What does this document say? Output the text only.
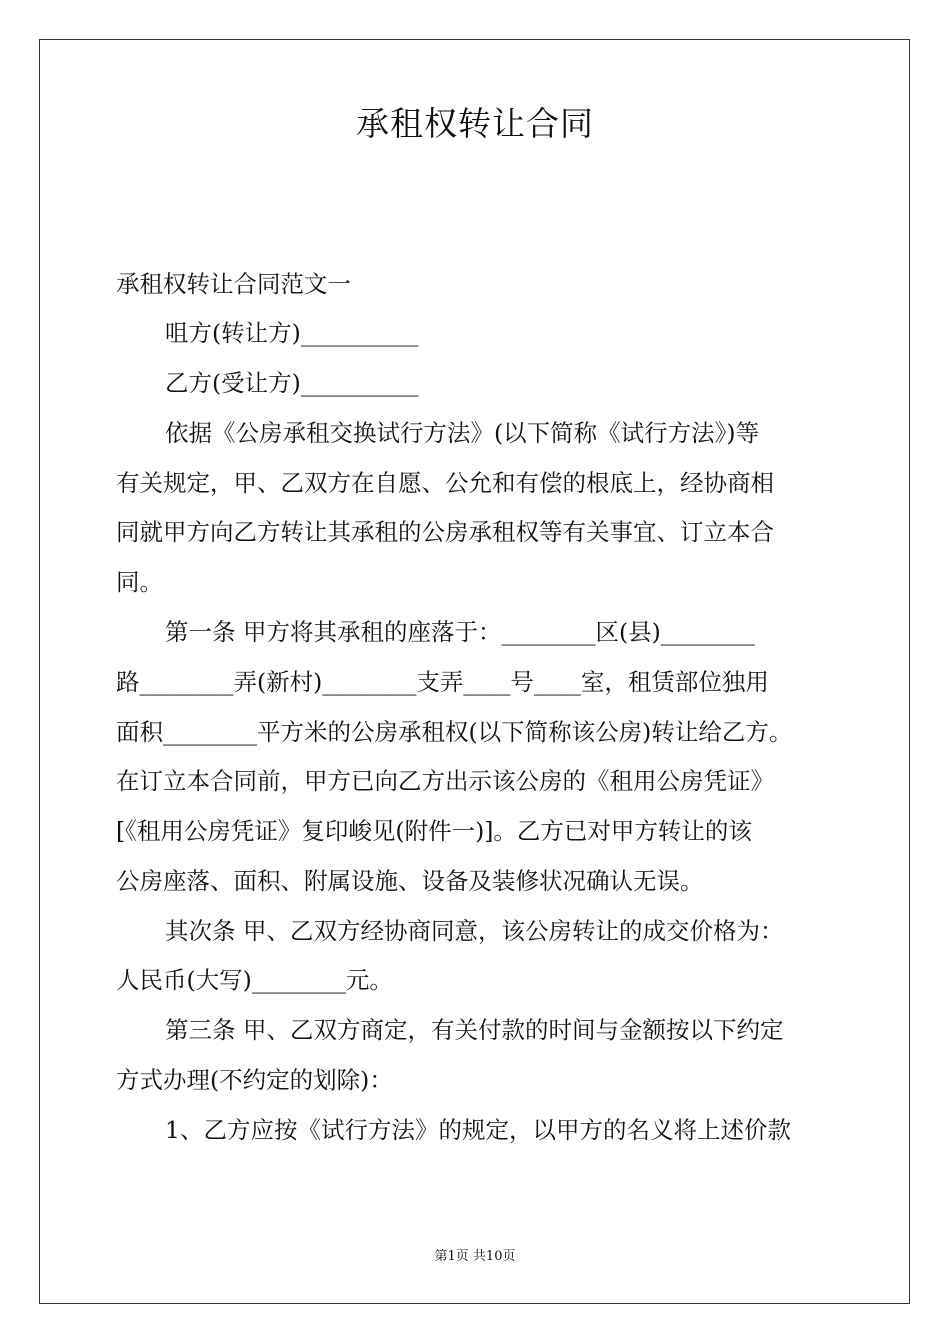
承租权转让合同
承租权转让合同范文一
咀方(转让方)__________
乙方(受让方)__________
依据《公房承租交换试行方法》(以下简称《试行方法》)等
有关规定，甲、乙双方在自愿、公允和有偿的根底上，经协商相
同就甲方向乙方转让其承租的公房承租权等有关事宜、订立本合
同。
第一条 甲方将其承租的座落于：________区(县)________
路________弄(新村)________支弄____号____室，租赁部位独用
面积________平方米的公房承租权(以下简称该公房)转让给乙方。
在订立本合同前，甲方已向乙方出示该公房的《租用公房凭证》
[《租用公房凭证》复印峻见(附件一)]。乙方已对甲方转让的该
公房座落、面积、附属设施、设备及装修状况确认无误。
其次条 甲、乙双方经协商同意，该公房转让的成交价格为：
人民币(大写)________元。
第三条 甲、乙双方商定，有关付款的时间与金额按以下约定
方式办理(不约定的划除)：
1、乙方应按《试行方法》的规定，以甲方的名义将上述价款
第1页 共10页
